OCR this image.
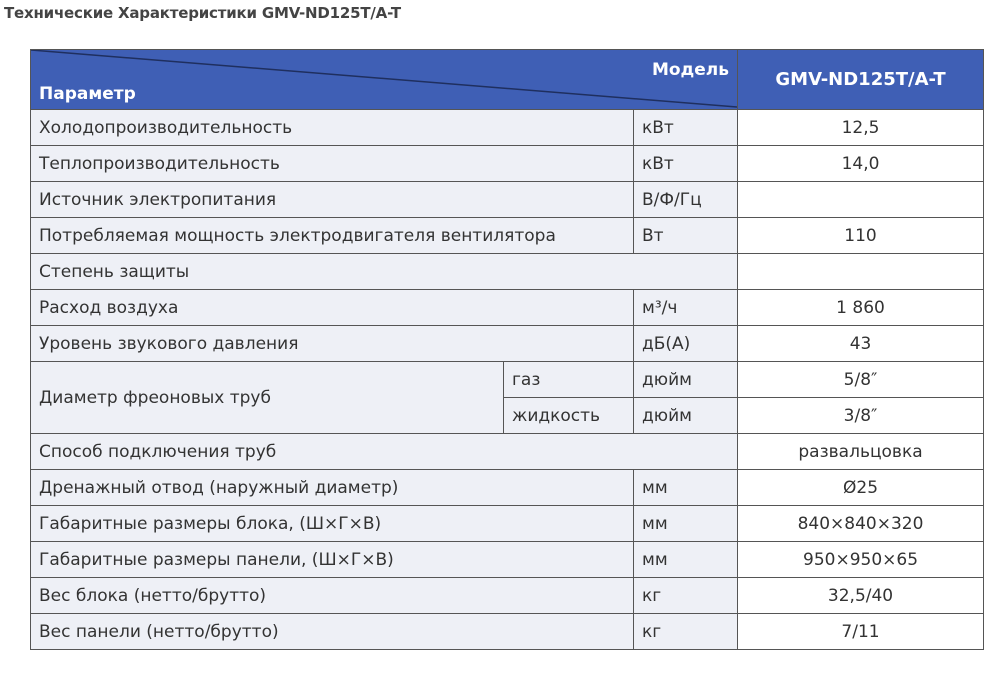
Технические Характеристики GMV-ND125T/A-T
Параметр
Модель			GMV-ND125T/A-T
Холодопроизводительность		кВт	12,5
Теплопроизводительность		кВт	14,0
Источник электропитания		В/Ф/Гц	
Потребляемая мощность электродвигателя вентилятора		Вт	110
Степень защиты			
Расход воздуха		м³/ч	1 860
Уровень звукового давления		дБ(А)	43
Диаметр фреоновых труб	газ	дюйм	5/8″
	жидкость	дюйм	3/8″
Способ подключения труб			развальцовка
Дренажный отвод (наружный диаметр)		мм	Ø25
Габаритные размеры блока, (Ш×Г×В)		мм	840×840×320
Габаритные размеры панели, (Ш×Г×В)		мм	950×950×65
Вес блока (нетто/брутто)		кг	32,5/40
Вес панели (нетто/брутто)		кг	7/11
